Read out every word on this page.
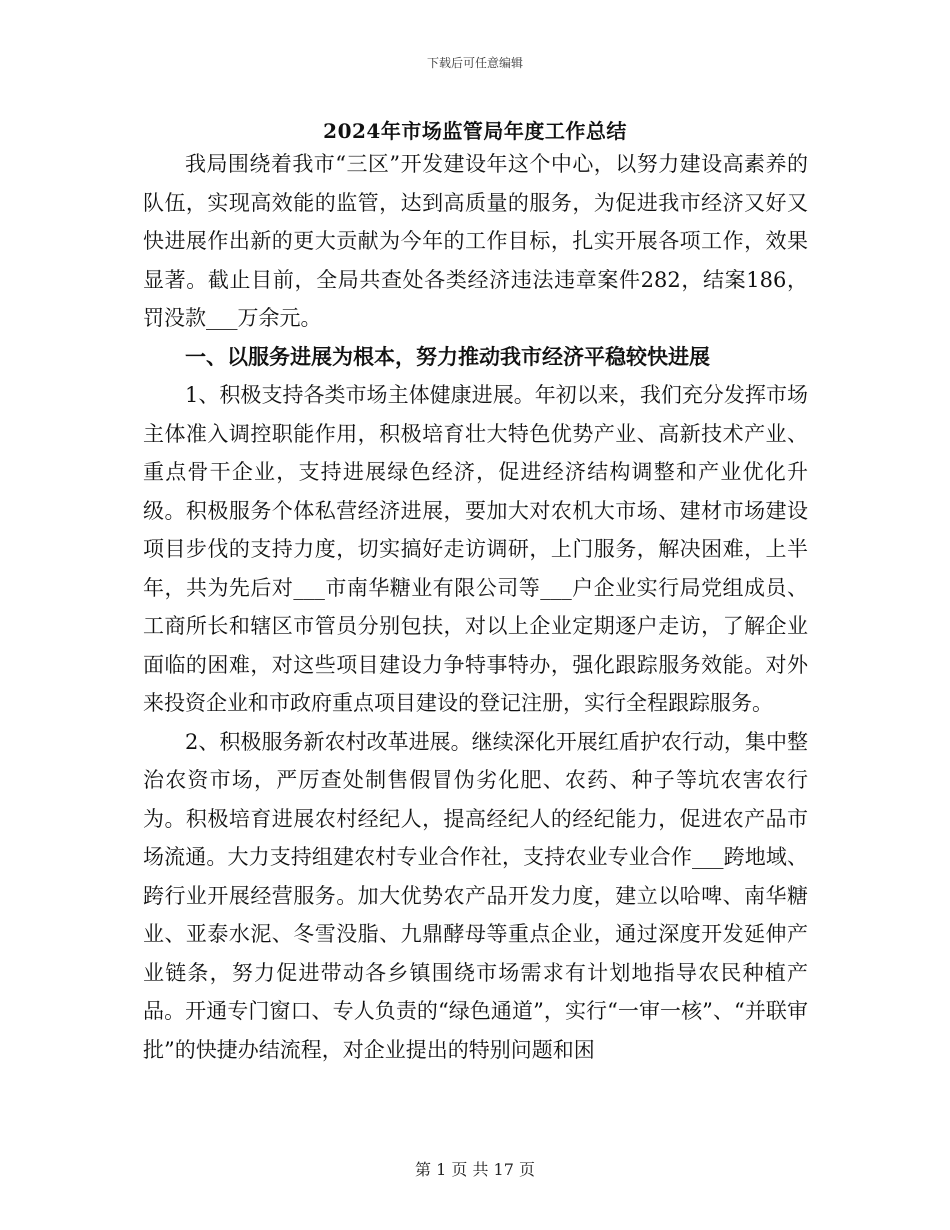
下载后可任意编辑
2024年市场监管局年度工作总结

我局围绕着我市“三区”开发建设年这个中心，以努力建设高素养的队伍，实现高效能的监管，达到高质量的服务，为促进我市经济又好又快进展作出新的更大贡献为今年的工作目标，扎实开展各项工作，效果显著。截止目前，全局共查处各类经济违法违章案件282，结案186，罚没款___万余元。

一、以服务进展为根本，努力推动我市经济平稳较快进展

1、积极支持各类市场主体健康进展。年初以来，我们充分发挥市场主体准入调控职能作用，积极培育壮大特色优势产业、高新技术产业、重点骨干企业，支持进展绿色经济，促进经济结构调整和产业优化升级。积极服务个体私营经济进展，要加大对农机大市场、建材市场建设项目步伐的支持力度，切实搞好走访调研，上门服务，解决困难，上半年，共为先后对___市南华糖业有限公司等___户企业实行局党组成员、工商所长和辖区市管员分别包扶，对以上企业定期逐户走访，了解企业面临的困难，对这些项目建设力争特事特办，强化跟踪服务效能。对外来投资企业和市政府重点项目建设的登记注册，实行全程跟踪服务。

2、积极服务新农村改革进展。继续深化开展红盾护农行动，集中整治农资市场，严厉查处制售假冒伪劣化肥、农药、种子等坑农害农行为。积极培育进展农村经纪人，提高经纪人的经纪能力，促进农产品市场流通。大力支持组建农村专业合作社，支持农业专业合作___跨地域、跨行业开展经营服务。加大优势农产品开发力度，建立以哈啤、南华糖业、亚泰水泥、冬雪没脂、九鼎酵母等重点企业，通过深度开发延伸产业链条，努力促进带动各乡镇围绕市场需求有计划地指导农民种植产品。开通专门窗口、专人负责的“绿色通道”，实行“一审一核”、“并联审批”的快捷办结流程，对企业提出的特别问题和困

第 1 页 共 17 页
